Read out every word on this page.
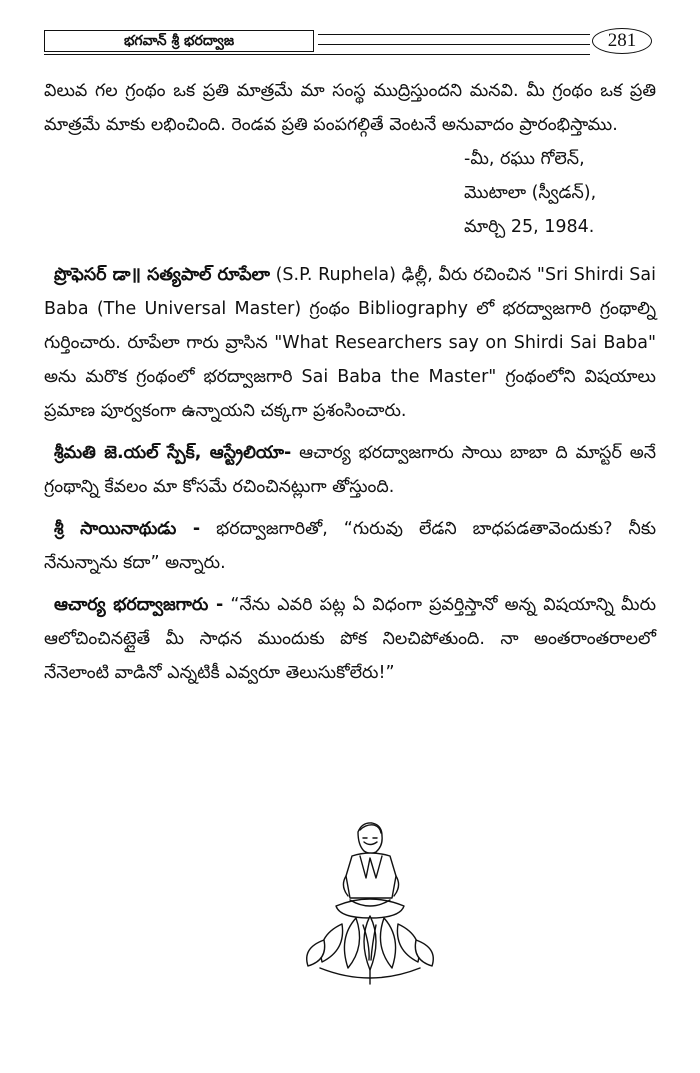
భగవాన్ శ్రీ భరద్వాజ	281

విలువ గల గ్రంథం ఒక ప్రతి మాత్రమే మా సంస్థ ముద్రిస్తుందని మనవి. మీ గ్రంథం ఒక ప్రతి మాత్రమే మాకు లభించింది. రెండవ ప్రతి పంపగల్గితే వెంటనే అనువాదం ప్రారంభిస్తాము.

-మీ, రఘు గోలెన్,

మొటాలా (స్వీడన్),

మార్చి 25, 1984.

ప్రొఫెసర్ డా॥ సత్యపాల్ రూపేలా (S.P. Ruphela) ఢిల్లీ, వీరు రచించిన "Sri Shirdi Sai Baba (The Universal Master) గ్రంథం Bibliography లో భరద్వాజగారి గ్రంథాల్ని గుర్తించారు. రూపేలా గారు వ్రాసిన "What Researchers say on Shirdi Sai Baba" అను మరొక గ్రంథంలో భరద్వాజగారి Sai Baba the Master" గ్రంథంలోని విషయాలు ప్రమాణ పూర్వకంగా ఉన్నాయని చక్కగా ప్రశంసించారు.

శ్రీమతి జె.యల్ స్పేక్, ఆస్ట్రేలియా- ఆచార్య భరద్వాజగారు సాయి బాబా ది మాస్టర్ అనే గ్రంథాన్ని కేవలం మా కోసమే రచించినట్లుగా తోస్తుంది.

శ్రీ సాయినాథుడు - భరద్వాజగారితో, “గురువు లేడని బాధపడతావెందుకు? నీకు నేనున్నాను కదా” అన్నారు.

ఆచార్య భరద్వాజగారు - “నేను ఎవరి పట్ల ఏ విధంగా ప్రవర్తిస్తానో అన్న విషయాన్ని మీరు ఆలోచించినట్లైతే మీ సాధన ముందుకు పోక నిలచిపోతుంది. నా అంతరాంతరాలలో నేనెలాంటి వాడినో ఎన్నటికీ ఎవ్వరూ తెలుసుకోలేరు!”
